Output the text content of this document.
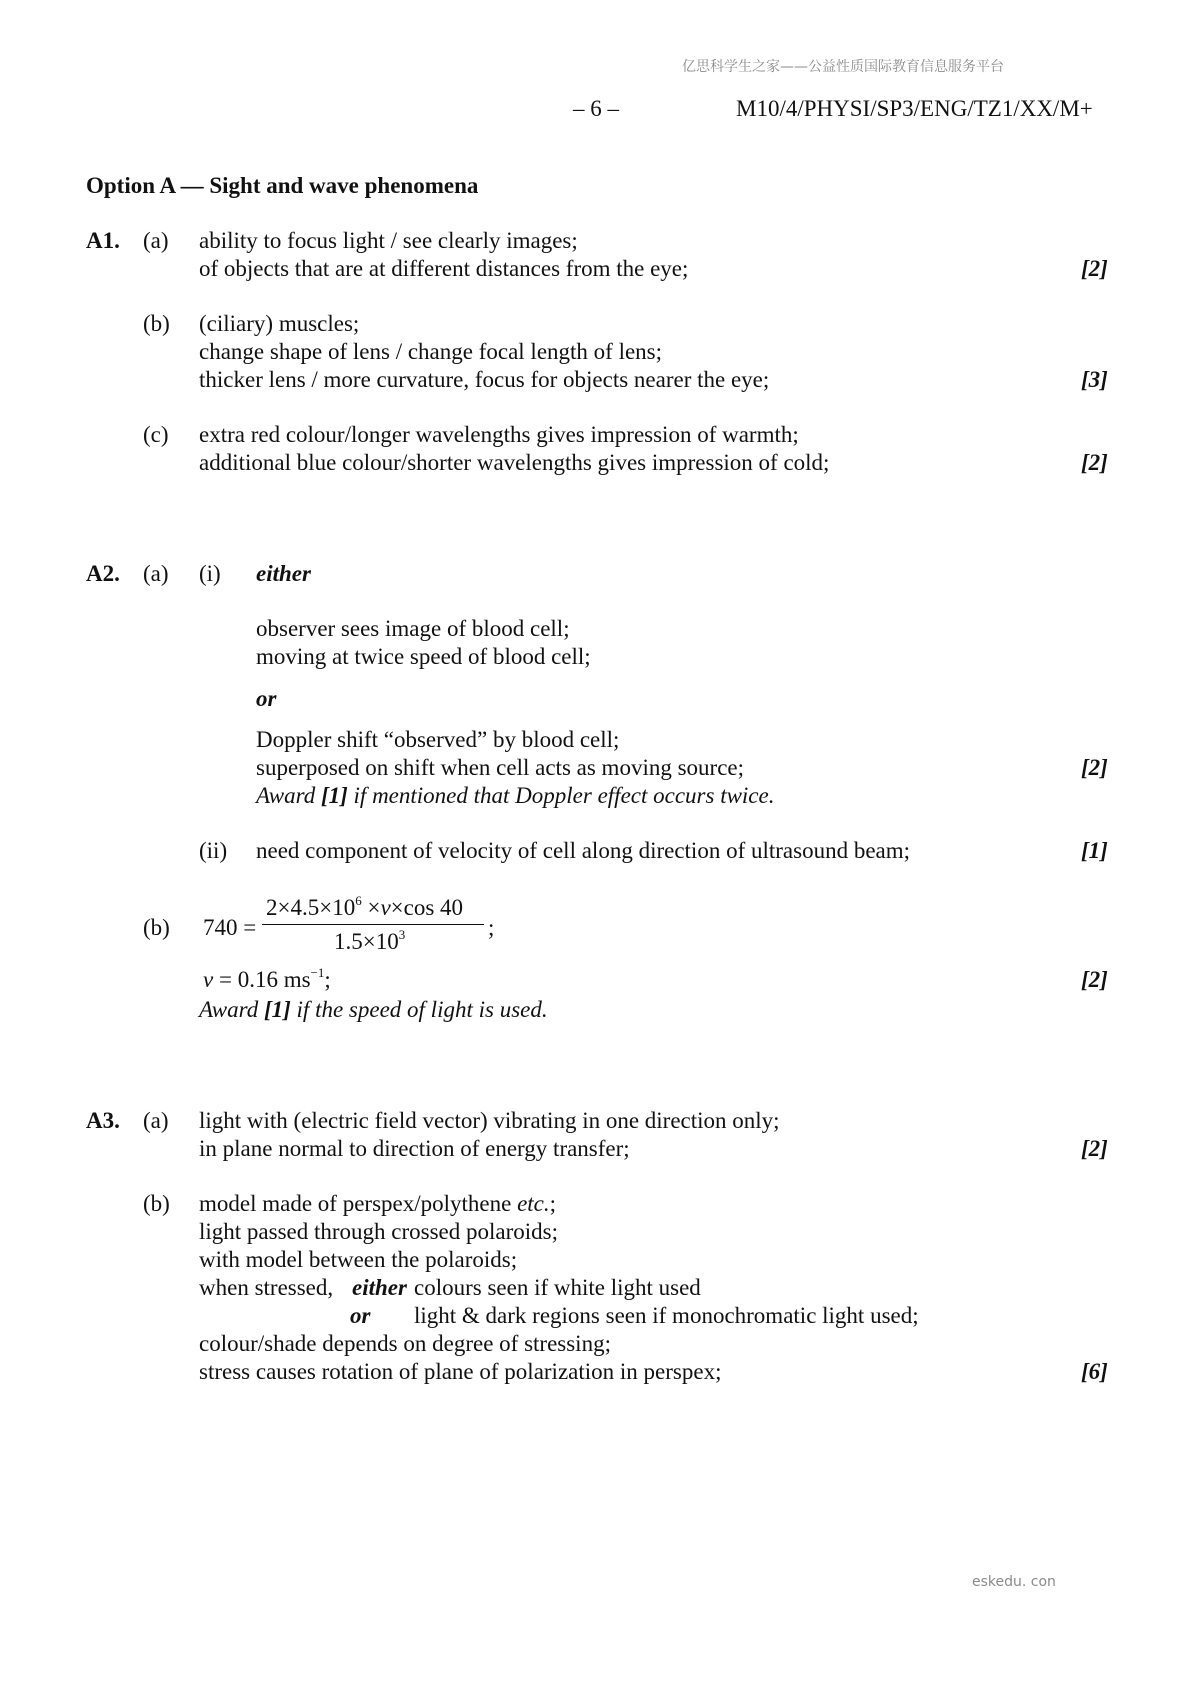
亿思科学生之家——公益性质国际教育信息服务平台
– 6 –	M10/4/PHYSI/SP3/ENG/TZ1/XX/M+
Option A — Sight and wave phenomena
A1. (a) ability to focus light / see clearly images;
of objects that are at different distances from the eye;	[2]
(b) (ciliary) muscles;
change shape of lens / change focal length of lens;
thicker lens / more curvature, focus for objects nearer the eye;	[3]
(c) extra red colour/longer wavelengths gives impression of warmth;
additional blue colour/shorter wavelengths gives impression of cold;	[2]
A2. (a) (i) either
observer sees image of blood cell;
moving at twice speed of blood cell;
or
Doppler shift “observed” by blood cell;
superposed on shift when cell acts as moving source;	[2]
Award [1] if mentioned that Doppler effect occurs twice.
(ii) need component of velocity of cell along direction of ultrasound beam;	[1]
(b) 740 =
$2\times 4.5\times 10^6 \times v\times\cos$ 40
$1.5\times 10^3$	;
v = 0.16 $ms^{-1}$;	[2]
Award [1] if the speed of light is used.
A3. (a) light with (electric field vector) vibrating in one direction only;
in plane normal to direction of energy transfer;	[2]
(b) model made of perspex/polythene etc.;
light passed through crossed polaroids;
with model between the polaroids;
when stressed, either colours seen if white light used
or light & dark regions seen if monochromatic light used;
colour/shade depends on degree of stressing;
stress causes rotation of plane of polarization in perspex;	[6]
eskedu. con
